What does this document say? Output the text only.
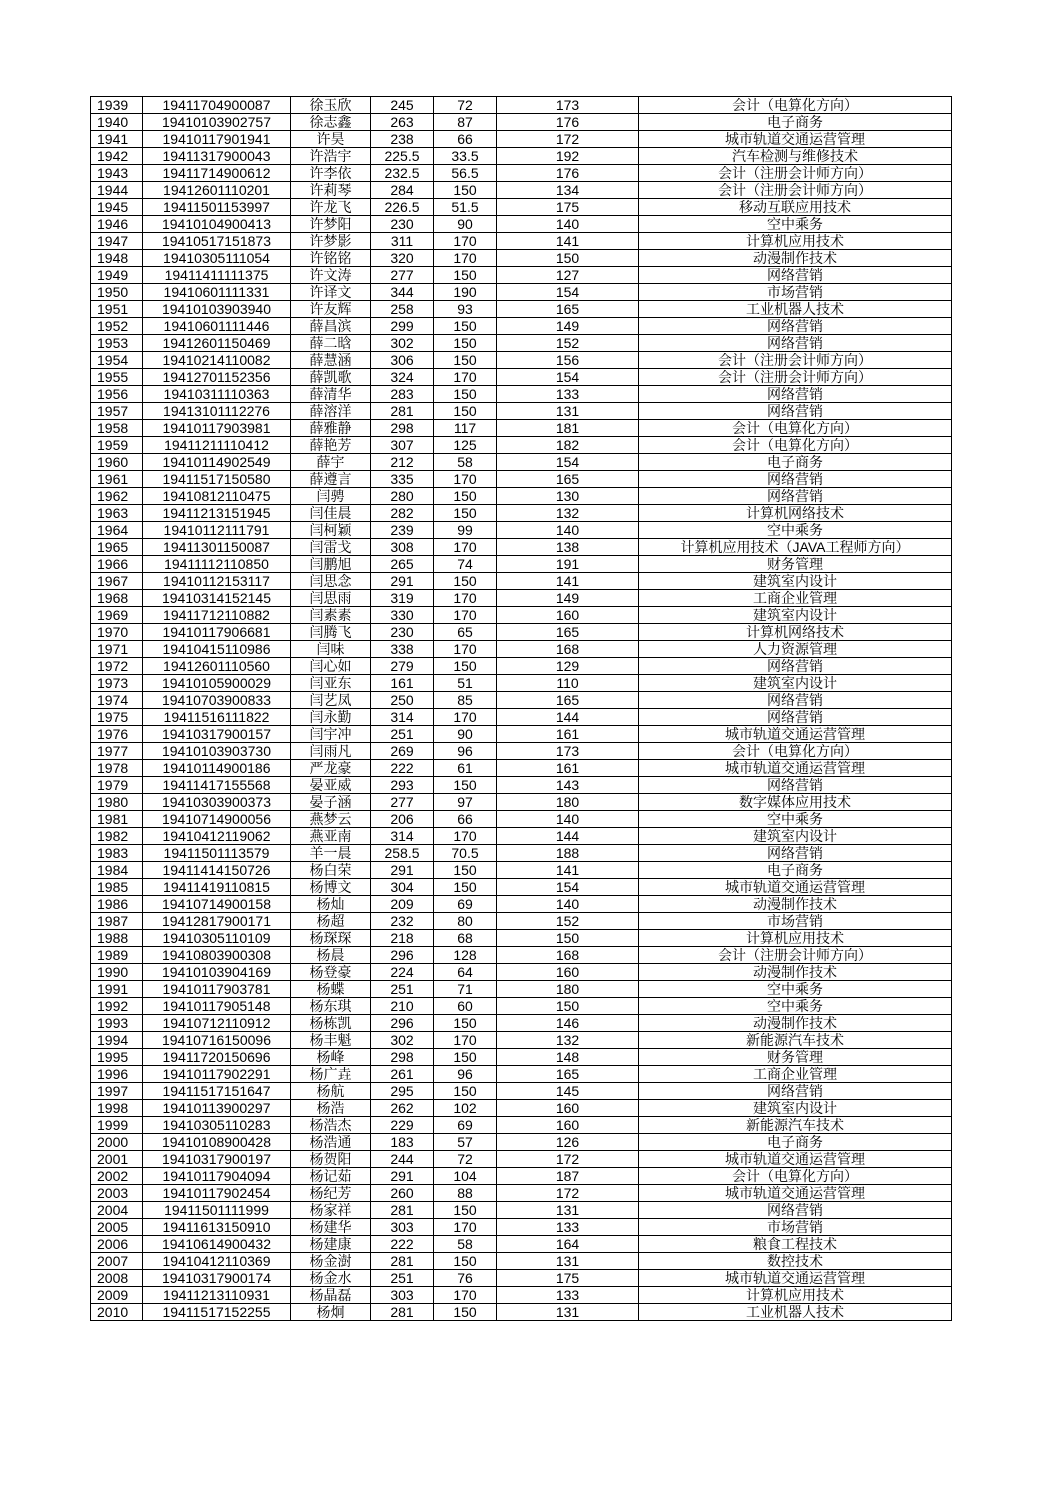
1939	19411704900087	徐玉欣	245	72	173	会计（电算化方向）
1940	19410103902757	徐志鑫	263	87	176	电子商务
1941	19410117901941	许昊	238	66	172	城市轨道交通运营管理
1942	19411317900043	许浩宇	225.5	33.5	192	汽车检测与维修技术
1943	19411714900612	许李依	232.5	56.5	176	会计（注册会计师方向）
1944	19412601110201	许莉琴	284	150	134	会计（注册会计师方向）
1945	19411501153997	许龙飞	226.5	51.5	175	移动互联应用技术
1946	19410104900413	许梦阳	230	90	140	空中乘务
1947	19410517151873	许梦影	311	170	141	计算机应用技术
1948	19410305111054	许铭铭	320	170	150	动漫制作技术
1949	19411411111375	许文涛	277	150	127	网络营销
1950	19410601111331	许译文	344	190	154	市场营销
1951	19410103903940	许友辉	258	93	165	工业机器人技术
1952	19410601111446	薛昌滨	299	150	149	网络营销
1953	19412601150469	薛二晗	302	150	152	网络营销
1954	19410214110082	薛慧涵	306	150	156	会计（注册会计师方向）
1955	19412701152356	薛凯歌	324	170	154	会计（注册会计师方向）
1956	19410311110363	薛清华	283	150	133	网络营销
1957	19413101112276	薛溶洋	281	150	131	网络营销
1958	19410117903981	薛雅静	298	117	181	会计（电算化方向）
1959	19411211110412	薛艳芳	307	125	182	会计（电算化方向）
1960	19410114902549	薛宇	212	58	154	电子商务
1961	19411517150580	薛遵言	335	170	165	网络营销
1962	19410812110475	闫骋	280	150	130	网络营销
1963	19411213151945	闫佳晨	282	150	132	计算机网络技术
1964	19410112111791	闫柯颖	239	99	140	空中乘务
1965	19411301150087	闫雷戈	308	170	138	计算机应用技术（JAVA工程师方向）
1966	19411112110850	闫鹏旭	265	74	191	财务管理
1967	19410112153117	闫思念	291	150	141	建筑室内设计
1968	19410314152145	闫思雨	319	170	149	工商企业管理
1969	19411712110882	闫素素	330	170	160	建筑室内设计
1970	19410117906681	闫腾飞	230	65	165	计算机网络技术
1971	19410415110986	闫味	338	170	168	人力资源管理
1972	19412601110560	闫心如	279	150	129	网络营销
1973	19410105900029	闫亚东	161	51	110	建筑室内设计
1974	19410703900833	闫艺凤	250	85	165	网络营销
1975	19411516111822	闫永勤	314	170	144	网络营销
1976	19410317900157	闫宇冲	251	90	161	城市轨道交通运营管理
1977	19410103903730	闫雨凡	269	96	173	会计（电算化方向）
1978	19410114900186	严龙豪	222	61	161	城市轨道交通运营管理
1979	19411417155568	晏亚威	293	150	143	网络营销
1980	19410303900373	晏子涵	277	97	180	数字媒体应用技术
1981	19410714900056	燕梦云	206	66	140	空中乘务
1982	19410412119062	燕亚南	314	170	144	建筑室内设计
1983	19411501113579	羊一晨	258.5	70.5	188	网络营销
1984	19411414150726	杨白荣	291	150	141	电子商务
1985	19411419110815	杨博文	304	150	154	城市轨道交通运营管理
1986	19410714900158	杨灿	209	69	140	动漫制作技术
1987	19412817900171	杨超	232	80	152	市场营销
1988	19410305110109	杨琛琛	218	68	150	计算机应用技术
1989	19410803900308	杨晨	296	128	168	会计（注册会计师方向）
1990	19410103904169	杨登豪	224	64	160	动漫制作技术
1991	19410117903781	杨蝶	251	71	180	空中乘务
1992	19410117905148	杨东琪	210	60	150	空中乘务
1993	19410712110912	杨栋凯	296	150	146	动漫制作技术
1994	19410716150096	杨丰魁	302	170	132	新能源汽车技术
1995	19411720150696	杨峰	298	150	148	财务管理
1996	19410117902291	杨广垚	261	96	165	工商企业管理
1997	19411517151647	杨航	295	150	145	网络营销
1998	19410113900297	杨浩	262	102	160	建筑室内设计
1999	19410305110283	杨浩杰	229	69	160	新能源汽车技术
2000	19410108900428	杨浩通	183	57	126	电子商务
2001	19410317900197	杨贺阳	244	72	172	城市轨道交通运营管理
2002	19410117904094	杨记茹	291	104	187	会计（电算化方向）
2003	19410117902454	杨纪芳	260	88	172	城市轨道交通运营管理
2004	19411501111999	杨家祥	281	150	131	网络营销
2005	19411613150910	杨建华	303	170	133	市场营销
2006	19410614900432	杨建康	222	58	164	粮食工程技术
2007	19410412110369	杨金澍	281	150	131	数控技术
2008	19410317900174	杨金水	251	76	175	城市轨道交通运营管理
2009	19411213110931	杨晶磊	303	170	133	计算机应用技术
2010	19411517152255	杨炯	281	150	131	工业机器人技术
